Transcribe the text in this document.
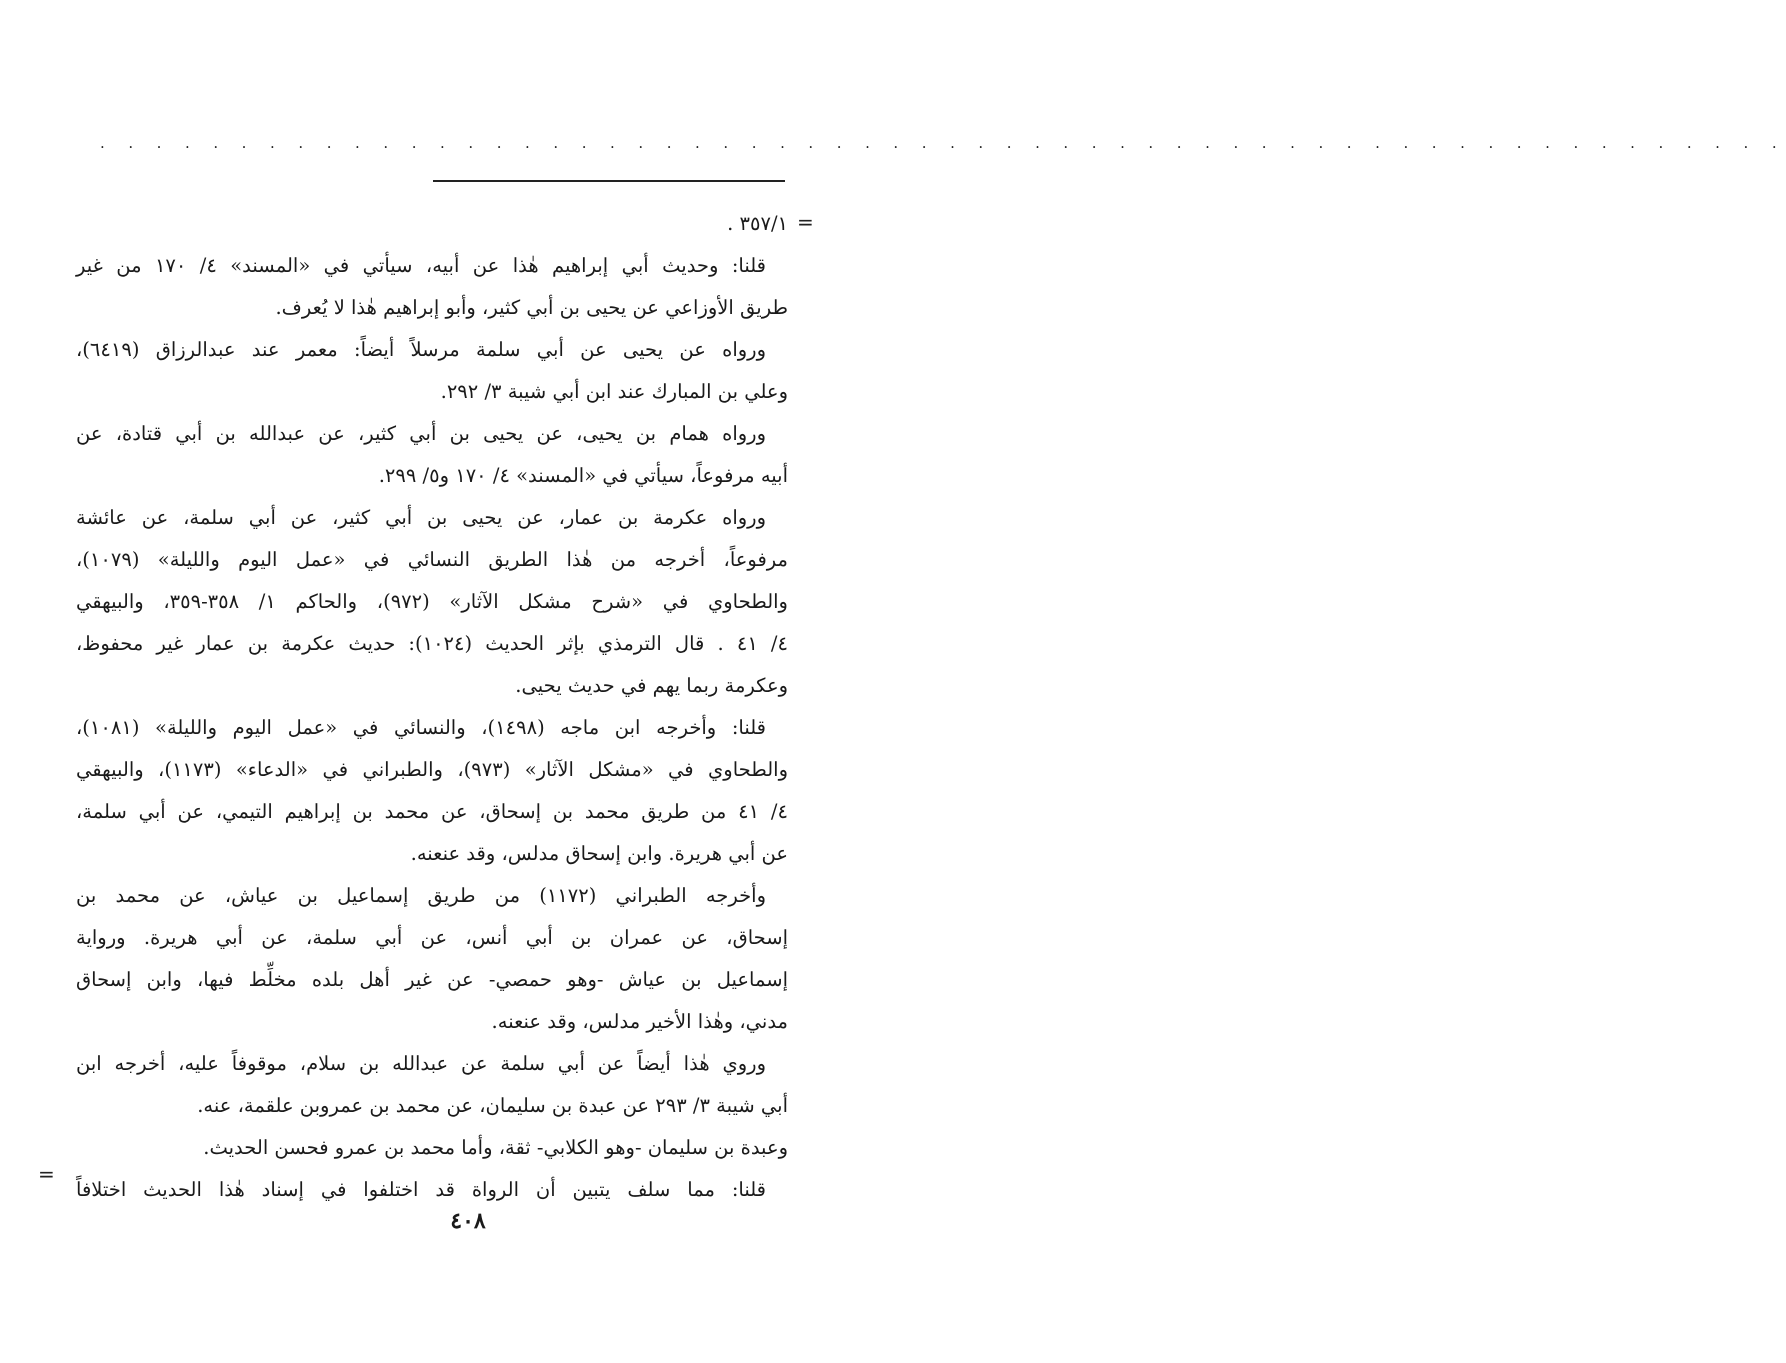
. . . . . . . . . . . . . . . . . . . . . . . . . . . . . . . . . . . . . . . . . . . . . . . . . . . . . . . . . . . .
=
٣٥٧/١ .
قلنا: وحديث أبي إبراهيم هٰذا عن أبيه، سيأتي في «المسند» ٤/ ١٧٠ من غير
طريق الأوزاعي عن يحيى بن أبي كثير، وأبو إبراهيم هٰذا لا يُعرف.
ورواه عن يحيى عن أبي سلمة مرسلاً أيضاً: معمر عند عبدالرزاق (٦٤١٩)،
وعلي بن المبارك عند ابن أبي شيبة ٣/ ٢٩٢.
ورواه همام بن يحيى، عن يحيى بن أبي كثير، عن عبدالله بن أبي قتادة، عن
أبيه مرفوعاً، سيأتي في «المسند» ٤/ ١٧٠ و٥/ ٢٩٩.
ورواه عكرمة بن عمار، عن يحيى بن أبي كثير، عن أبي سلمة، عن عائشة
مرفوعاً، أخرجه من هٰذا الطريق النسائي في «عمل اليوم والليلة» (١٠٧٩)،
والطحاوي في «شرح مشكل الآثار» (٩٧٢)، والحاكم ١/ ٣٥٨-٣٥٩، والبيهقي
٤/ ٤١ . قال الترمذي بإثر الحديث (١٠٢٤): حديث عكرمة بن عمار غير محفوظ،
وعكرمة ربما يهم في حديث يحيى.
قلنا: وأخرجه ابن ماجه (١٤٩٨)، والنسائي في «عمل اليوم والليلة» (١٠٨١)،
والطحاوي في «مشكل الآثار» (٩٧٣)، والطبراني في «الدعاء» (١١٧٣)، والبيهقي
٤/ ٤١ من طريق محمد بن إسحاق، عن محمد بن إبراهيم التيمي، عن أبي سلمة،
عن أبي هريرة. وابن إسحاق مدلس، وقد عنعنه.
وأخرجه الطبراني (١١٧٢) من طريق إسماعيل بن عياش، عن محمد بن
إسحاق، عن عمران بن أبي أنس، عن أبي سلمة، عن أبي هريرة. ورواية
إسماعيل بن عياش -وهو حمصي- عن غير أهل بلده مخلِّط فيها، وابن إسحاق
مدني، وهٰذا الأخير مدلس، وقد عنعنه.
وروي هٰذا أيضاً عن أبي سلمة عن عبدالله بن سلام، موقوفاً عليه، أخرجه ابن
أبي شيبة ٣/ ٢٩٣ عن عبدة بن سليمان، عن محمد بن عمروبن علقمة، عنه.
وعبدة بن سليمان -وهو الكلابي- ثقة، وأما محمد بن عمرو فحسن الحديث.
قلنا: مما سلف يتبين أن الرواة قد اختلفوا في إسناد هٰذا الحديث اختلافاً
=
٤٠٨
